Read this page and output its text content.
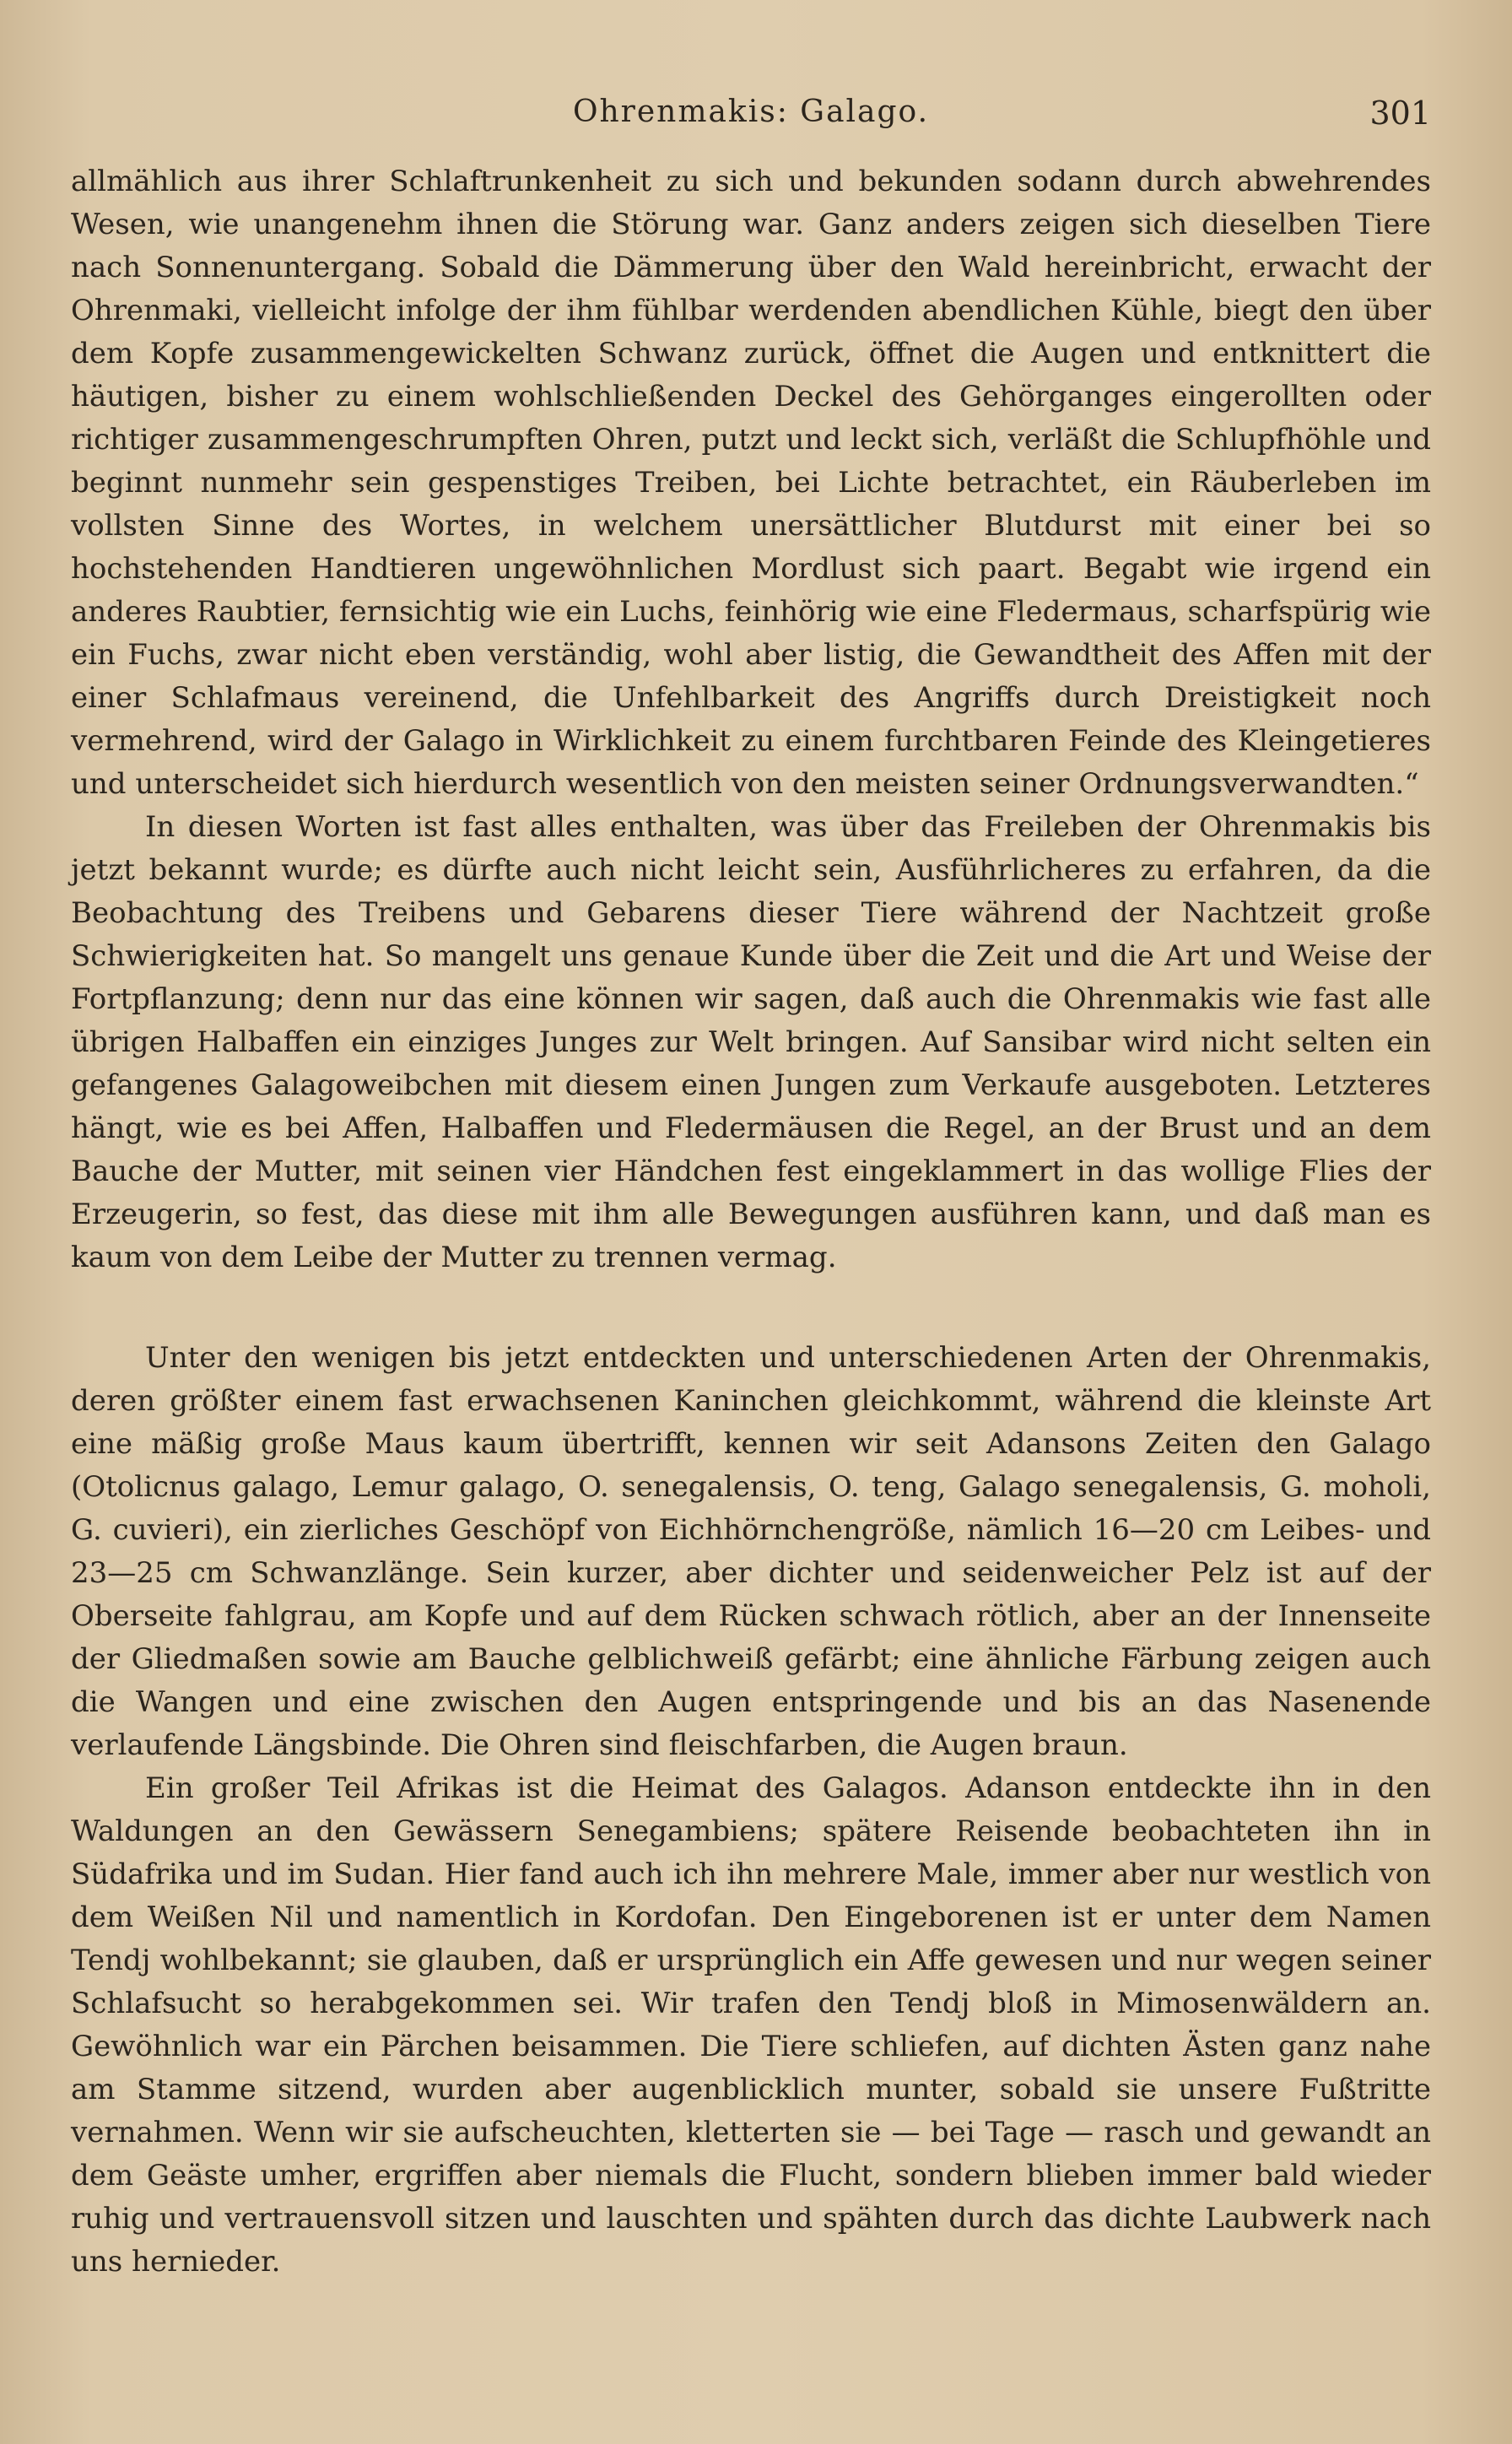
Ohrenmakis: Galago.	301

allmählich aus ihrer Schlaftrunkenheit zu sich und bekunden sodann durch abwehrendes Wesen, wie unangenehm ihnen die Störung war. Ganz anders zeigen sich dieselben Tiere nach Sonnenuntergang. Sobald die Dämmerung über den Wald hereinbricht, erwacht der Ohrenmaki, vielleicht infolge der ihm fühlbar werdenden abendlichen Kühle, biegt den über dem Kopfe zusammengewickelten Schwanz zurück, öffnet die Augen und entknittert die häutigen, bisher zu einem wohlschließenden Deckel des Gehörganges eingerollten oder richtiger zusammengeschrumpften Ohren, putzt und leckt sich, verläßt die Schlupfhöhle und beginnt nunmehr sein gespenstiges Treiben, bei Lichte betrachtet, ein Räuberleben im vollsten Sinne des Wortes, in welchem unersättlicher Blutdurst mit einer bei so hochstehenden Handtieren ungewöhnlichen Mordlust sich paart. Begabt wie irgend ein anderes Raubtier, fernsichtig wie ein Luchs, feinhörig wie eine Fledermaus, scharfspürig wie ein Fuchs, zwar nicht eben verständig, wohl aber listig, die Gewandtheit des Affen mit der einer Schlafmaus vereinend, die Unfehlbarkeit des Angriffs durch Dreistigkeit noch vermehrend, wird der Galago in Wirklichkeit zu einem furchtbaren Feinde des Kleingetieres und unterscheidet sich hierdurch wesentlich von den meisten seiner Ordnungsverwandten.“

In diesen Worten ist fast alles enthalten, was über das Freileben der Ohrenmakis bis jetzt bekannt wurde; es dürfte auch nicht leicht sein, Ausführlicheres zu erfahren, da die Beobachtung des Treibens und Gebarens dieser Tiere während der Nachtzeit große Schwierigkeiten hat. So mangelt uns genaue Kunde über die Zeit und die Art und Weise der Fortpflanzung; denn nur das eine können wir sagen, daß auch die Ohrenmakis wie fast alle übrigen Halbaffen ein einziges Junges zur Welt bringen. Auf Sansibar wird nicht selten ein gefangenes Galagoweibchen mit diesem einen Jungen zum Verkaufe ausgeboten. Letzteres hängt, wie es bei Affen, Halbaffen und Fledermäusen die Regel, an der Brust und an dem Bauche der Mutter, mit seinen vier Händchen fest eingeklammert in das wollige Flies der Erzeugerin, so fest, das diese mit ihm alle Bewegungen ausführen kann, und daß man es kaum von dem Leibe der Mutter zu trennen vermag.

Unter den wenigen bis jetzt entdeckten und unterschiedenen Arten der Ohrenmakis, deren größter einem fast erwachsenen Kaninchen gleichkommt, während die kleinste Art eine mäßig große Maus kaum übertrifft, kennen wir seit Adansons Zeiten den Galago (Otolicnus galago, Lemur galago, O. senegalensis, O. teng, Galago senegalensis, G. moholi, G. cuvieri), ein zierliches Geschöpf von Eichhörnchengröße, nämlich 16—20 cm Leibes- und 23—25 cm Schwanzlänge. Sein kurzer, aber dichter und seidenweicher Pelz ist auf der Oberseite fahlgrau, am Kopfe und auf dem Rücken schwach rötlich, aber an der Innenseite der Gliedmaßen sowie am Bauche gelblichweiß gefärbt; eine ähnliche Färbung zeigen auch die Wangen und eine zwischen den Augen entspringende und bis an das Nasenende verlaufende Längsbinde. Die Ohren sind fleischfarben, die Augen braun.

Ein großer Teil Afrikas ist die Heimat des Galagos. Adanson entdeckte ihn in den Waldungen an den Gewässern Senegambiens; spätere Reisende beobachteten ihn in Südafrika und im Sudan. Hier fand auch ich ihn mehrere Male, immer aber nur westlich von dem Weißen Nil und namentlich in Kordofan. Den Eingeborenen ist er unter dem Namen Tendj wohlbekannt; sie glauben, daß er ursprünglich ein Affe gewesen und nur wegen seiner Schlafsucht so herabgekommen sei. Wir trafen den Tendj bloß in Mimosenwäldern an. Gewöhnlich war ein Pärchen beisammen. Die Tiere schliefen, auf dichten Ästen ganz nahe am Stamme sitzend, wurden aber augenblicklich munter, sobald sie unsere Fußtritte vernahmen. Wenn wir sie aufscheuchten, kletterten sie — bei Tage — rasch und gewandt an dem Geäste umher, ergriffen aber niemals die Flucht, sondern blieben immer bald wieder ruhig und vertrauensvoll sitzen und lauschten und spähten durch das dichte Laubwerk nach uns hernieder.
